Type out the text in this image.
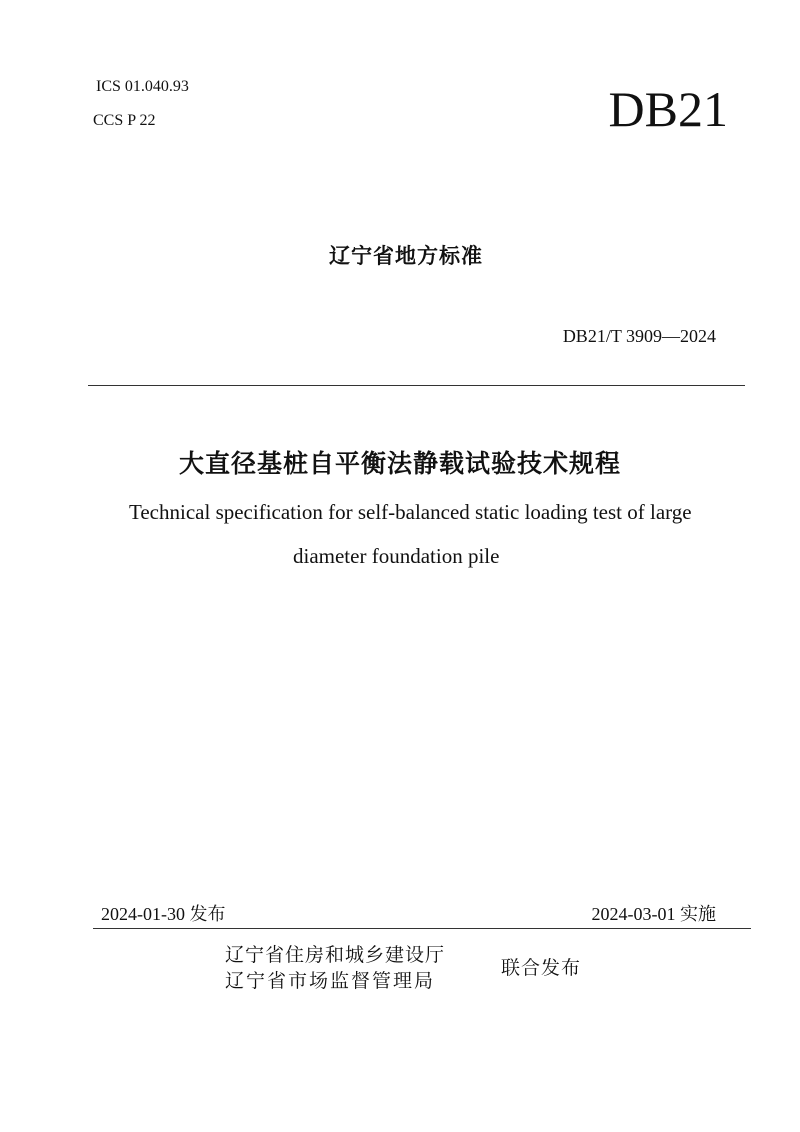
ICS 01.040.93
CCS P 22	DB21
辽宁省地方标准
DB21/T 3909—2024
大直径基桩自平衡法静载试验技术规程
Technical specification for self-balanced static loading test of large
diameter foundation pile
2024-01-30 发布	2024-03-01 实施
辽宁省住房和城乡建设厅
辽宁省市场监督管理局
联合发布
